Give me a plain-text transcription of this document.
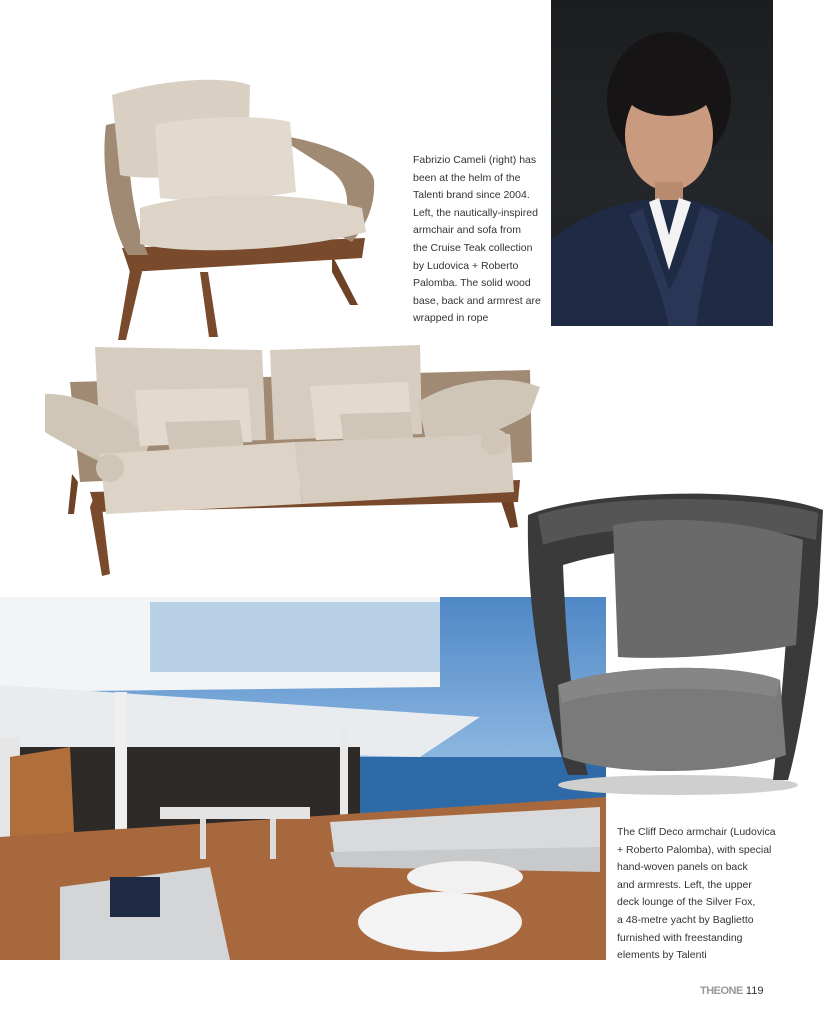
Fabrizio Cameli (right) has
been at the helm of the
Talenti brand since 2004.
Left, the nautically-inspired
armchair and sofa from
the Cruise Teak collection
by Ludovica + Roberto
Palomba. The solid wood
base, back and armrest are
wrapped in rope
The Cliff Deco armchair (Ludovica
+ Roberto Palomba), with special
hand-woven panels on back
and armrests. Left, the upper
deck lounge of the Silver Fox,
a 48-metre yacht by Baglietto
furnished with freestanding
elements by Talenti
THEONE 119
